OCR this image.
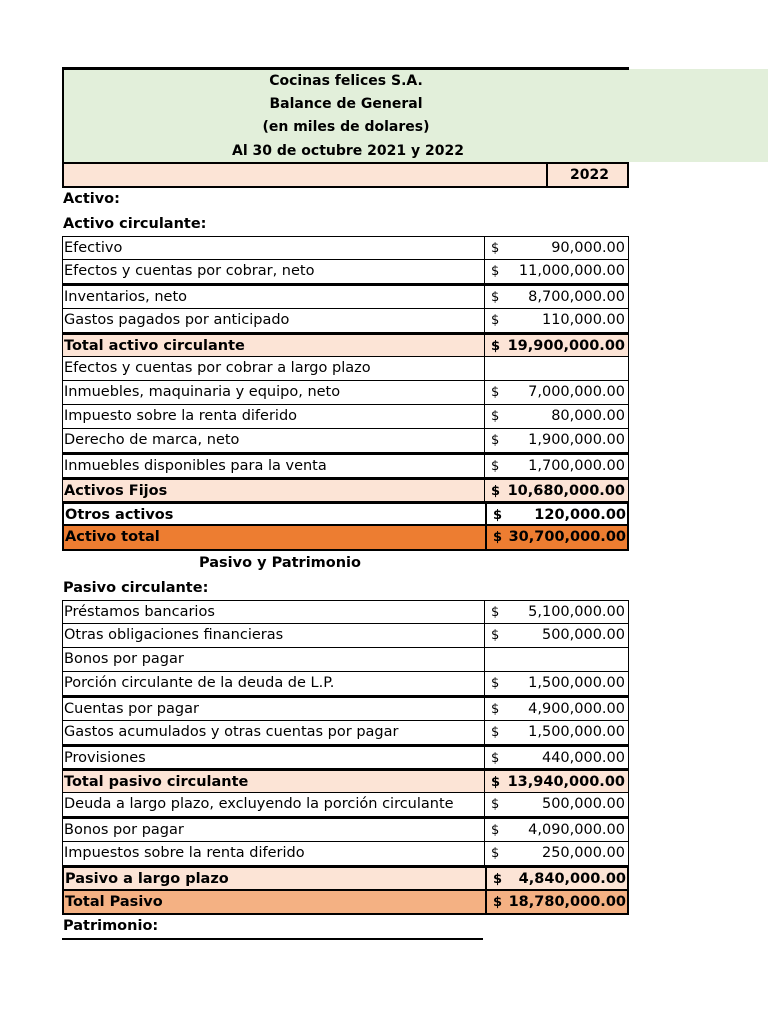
Cocinas felices S.A.
Balance de General
(en miles de dolares)
Al 30 de octubre 2021 y 2022
2022
Activo:
Activo circulante:
Efectivo	$	90,000.00
Efectos y cuentas por cobrar, neto	$ 11,000,000.00
Inventarios, neto	$ 8,700,000.00
Gastos pagados por anticipado	$	110,000.00
Total activo circulante	$ 19,900,000.00
Efectos y cuentas por cobrar a largo plazo
Inmuebles, maquinaria y equipo, neto	$ 7,000,000.00
Impuesto sobre la renta diferido	$	80,000.00
Derecho de marca, neto	$ 1,900,000.00
Inmuebles disponibles para la venta	$ 1,700,000.00
Activos Fijos	$ 10,680,000.00
Otros activos	$ 120,000.00
Activo total	$ 30,700,000.00
Pasivo y Patrimonio
Pasivo circulante:
Préstamos bancarios	$ 5,100,000.00
Otras obligaciones financieras	$	500,000.00
Bonos por pagar
Porción circulante de la deuda de L.P.	$ 1,500,000.00
Cuentas por pagar	$ 4,900,000.00
Gastos acumulados y otras cuentas por pagar	$ 1,500,000.00
Provisiones	$	440,000.00
Total pasivo circulante	$ 13,940,000.00
Deuda a largo plazo, excluyendo la porción circulante	$	500,000.00
Bonos por pagar	$ 4,090,000.00
Impuestos sobre la renta diferido	$	250,000.00
Pasivo a largo plazo	$ 4,840,000.00
Total Pasivo	$ 18,780,000.00
Patrimonio:
